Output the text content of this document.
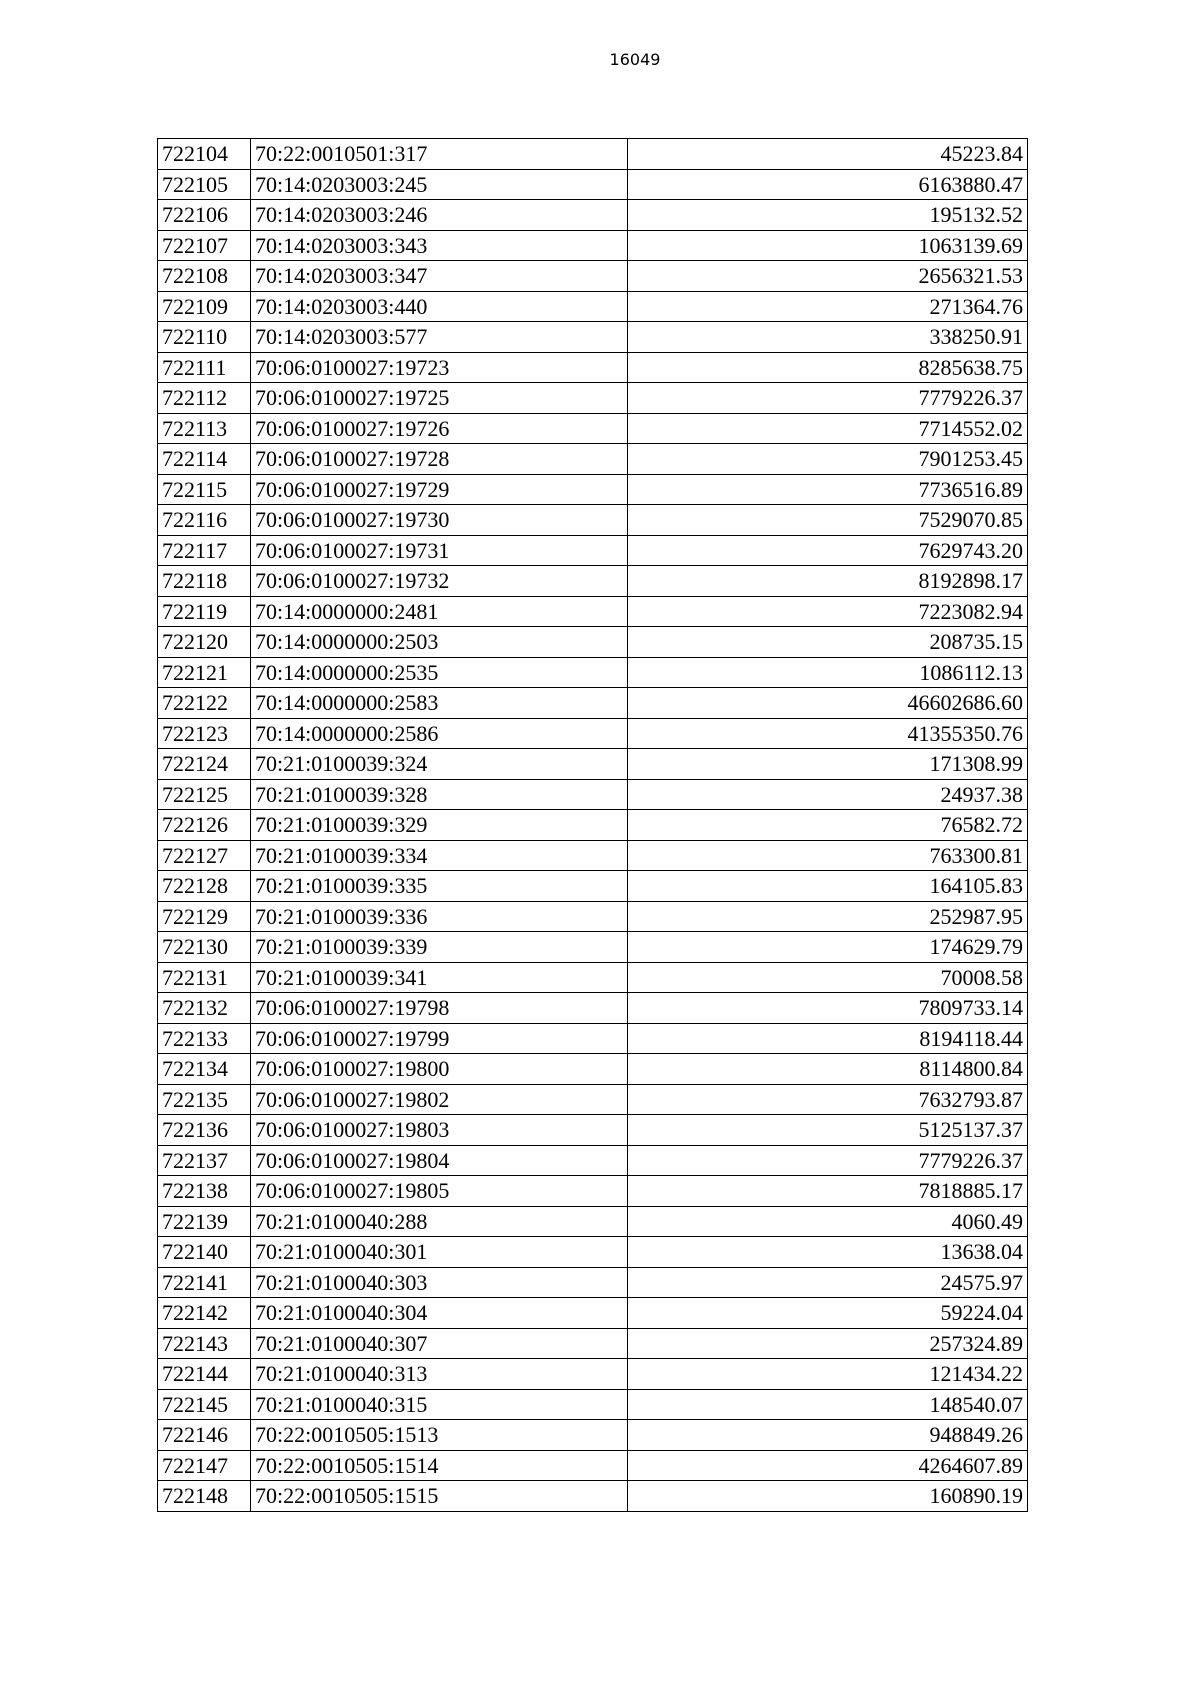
16049
722104	70:22:0010501:317	45223.84
722105	70:14:0203003:245	6163880.47
722106	70:14:0203003:246	195132.52
722107	70:14:0203003:343	1063139.69
722108	70:14:0203003:347	2656321.53
722109	70:14:0203003:440	271364.76
722110	70:14:0203003:577	338250.91
722111	70:06:0100027:19723	8285638.75
722112	70:06:0100027:19725	7779226.37
722113	70:06:0100027:19726	7714552.02
722114	70:06:0100027:19728	7901253.45
722115	70:06:0100027:19729	7736516.89
722116	70:06:0100027:19730	7529070.85
722117	70:06:0100027:19731	7629743.20
722118	70:06:0100027:19732	8192898.17
722119	70:14:0000000:2481	7223082.94
722120	70:14:0000000:2503	208735.15
722121	70:14:0000000:2535	1086112.13
722122	70:14:0000000:2583	46602686.60
722123	70:14:0000000:2586	41355350.76
722124	70:21:0100039:324	171308.99
722125	70:21:0100039:328	24937.38
722126	70:21:0100039:329	76582.72
722127	70:21:0100039:334	763300.81
722128	70:21:0100039:335	164105.83
722129	70:21:0100039:336	252987.95
722130	70:21:0100039:339	174629.79
722131	70:21:0100039:341	70008.58
722132	70:06:0100027:19798	7809733.14
722133	70:06:0100027:19799	8194118.44
722134	70:06:0100027:19800	8114800.84
722135	70:06:0100027:19802	7632793.87
722136	70:06:0100027:19803	5125137.37
722137	70:06:0100027:19804	7779226.37
722138	70:06:0100027:19805	7818885.17
722139	70:21:0100040:288	4060.49
722140	70:21:0100040:301	13638.04
722141	70:21:0100040:303	24575.97
722142	70:21:0100040:304	59224.04
722143	70:21:0100040:307	257324.89
722144	70:21:0100040:313	121434.22
722145	70:21:0100040:315	148540.07
722146	70:22:0010505:1513	948849.26
722147	70:22:0010505:1514	4264607.89
722148	70:22:0010505:1515	160890.19
